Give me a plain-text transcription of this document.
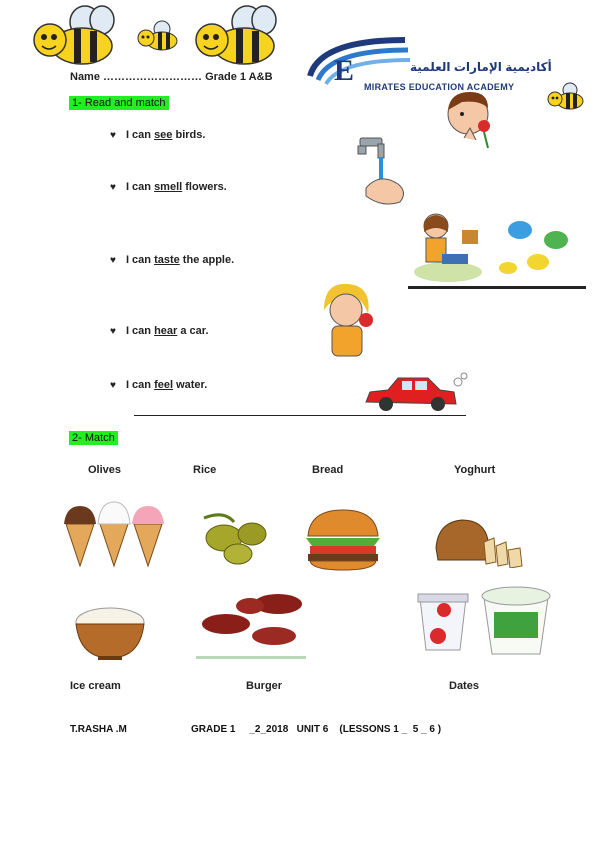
E	أكاديمية الإمارات العلمية
MIRATES EDUCATION ACADEMY
Name ……………………… Grade 1 A&B
1- Read and match
♥ I can see birds.
♥ I can smell flowers.
♥ I can taste the apple.
♥ I can hear a car.
♥ I can feel water.
2- Match
Olives	Rice	Bread	Yoghurt
Ice cream	Burger	Dates
T.RASHA .M	GRADE 1     _2_2018   UNIT 6    (LESSONS 1 _  5 _ 6 )
